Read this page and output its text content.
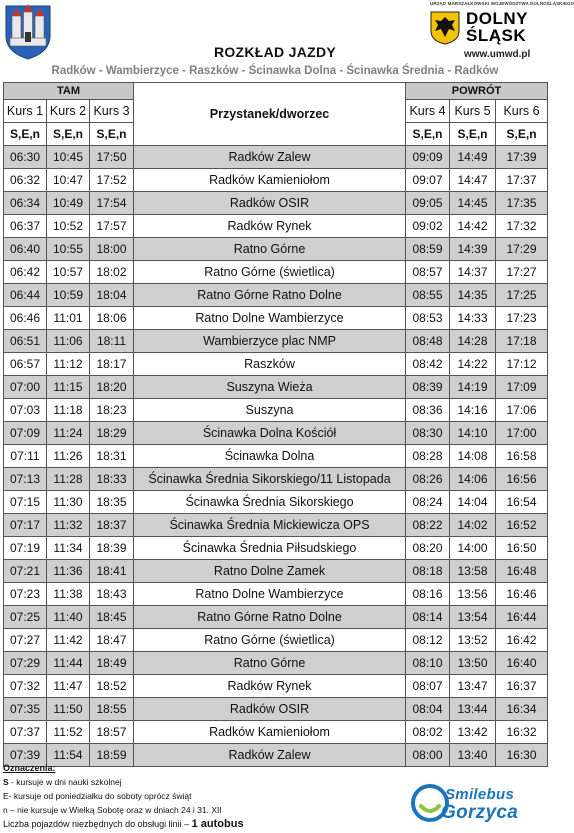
URZĄD MARSZAŁKOWSKI WOJEWÓDZTWA DOLNOŚLĄSKIEGO
DOLNY
ŚLĄSK
www.umwd.pl
ROZKŁAD JAZDY
Radków - Wambierzyce - Raszków - Ścinawka Dolna - Ścinawka Średnia - Radków
TAM			Przystanek/dworzec	POWRÓT		
Kurs 1	Kurs 2	Kurs 3		Kurs 4	Kurs 5	Kurs 6
S,E,n	S,E,n	S,E,n		S,E,n	S,E,n	S,E,n
06:30	10:45	17:50	Radków Zalew	09:09	14:49	17:39
06:32	10:47	17:52	Radków Kamieniołom	09:07	14:47	17:37
06:34	10:49	17:54	Radków OSIR	09:05	14:45	17:35
06:37	10:52	17:57	Radków Rynek	09:02	14:42	17:32
06:40	10:55	18:00	Ratno Górne	08:59	14:39	17:29
06:42	10:57	18:02	Ratno Górne (świetlica)	08:57	14:37	17:27
06:44	10:59	18:04	Ratno Górne Ratno Dolne	08:55	14:35	17:25
06:46	11:01	18:06	Ratno Dolne Wambierzyce	08:53	14:33	17:23
06:51	11:06	18:11	Wambierzyce plac NMP	08:48	14:28	17:18
06:57	11:12	18:17	Raszków	08:42	14:22	17:12
07:00	11:15	18:20	Suszyna Wieża	08:39	14:19	17:09
07:03	11:18	18:23	Suszyna	08:36	14:16	17:06
07:09	11:24	18:29	Ścinawka Dolna Kościół	08:30	14:10	17:00
07:11	11:26	18:31	Ścinawka Dolna	08:28	14:08	16:58
07:13	11:28	18:33	Ścinawka Średnia Sikorskiego/11 Listopada	08:26	14:06	16:56
07:15	11:30	18:35	Ścinawka Średnia Sikorskiego	08:24	14:04	16:54
07:17	11:32	18:37	Ścinawka Średnia Mickiewicza OPS	08:22	14:02	16:52
07:19	11:34	18:39	Ścinawka Średnia Piłsudskiego	08:20	14:00	16:50
07:21	11:36	18:41	Ratno Dolne Zamek	08:18	13:58	16:48
07:23	11:38	18:43	Ratno Dolne Wambierzyce	08:16	13:56	16:46
07:25	11:40	18:45	Ratno Górne Ratno Dolne	08:14	13:54	16:44
07:27	11:42	18:47	Ratno Górne (świetlica)	08:12	13:52	16:42
07:29	11:44	18:49	Ratno Górne	08:10	13:50	16:40
07:32	11:47	18:52	Radków Rynek	08:07	13:47	16:37
07:35	11:50	18:55	Radków OSIR	08:04	13:44	16:34
07:37	11:52	18:57	Radków Kamieniołom	08:02	13:42	16:32
07:39	11:54	18:59	Radków Zalew	08:00	13:40	16:30
Oznaczenia:
S - kursuje w dni nauki szkolnej
E- kursuje od poniedziałku do soboty oprócz świąt
n – nie kursuje w Wielką Sobotę oraz w dniach 24 i 31. XII
Liczba pojazdów niezbędnych do obsługi linii – 1 autobus
Smilebus
Gorzyca
